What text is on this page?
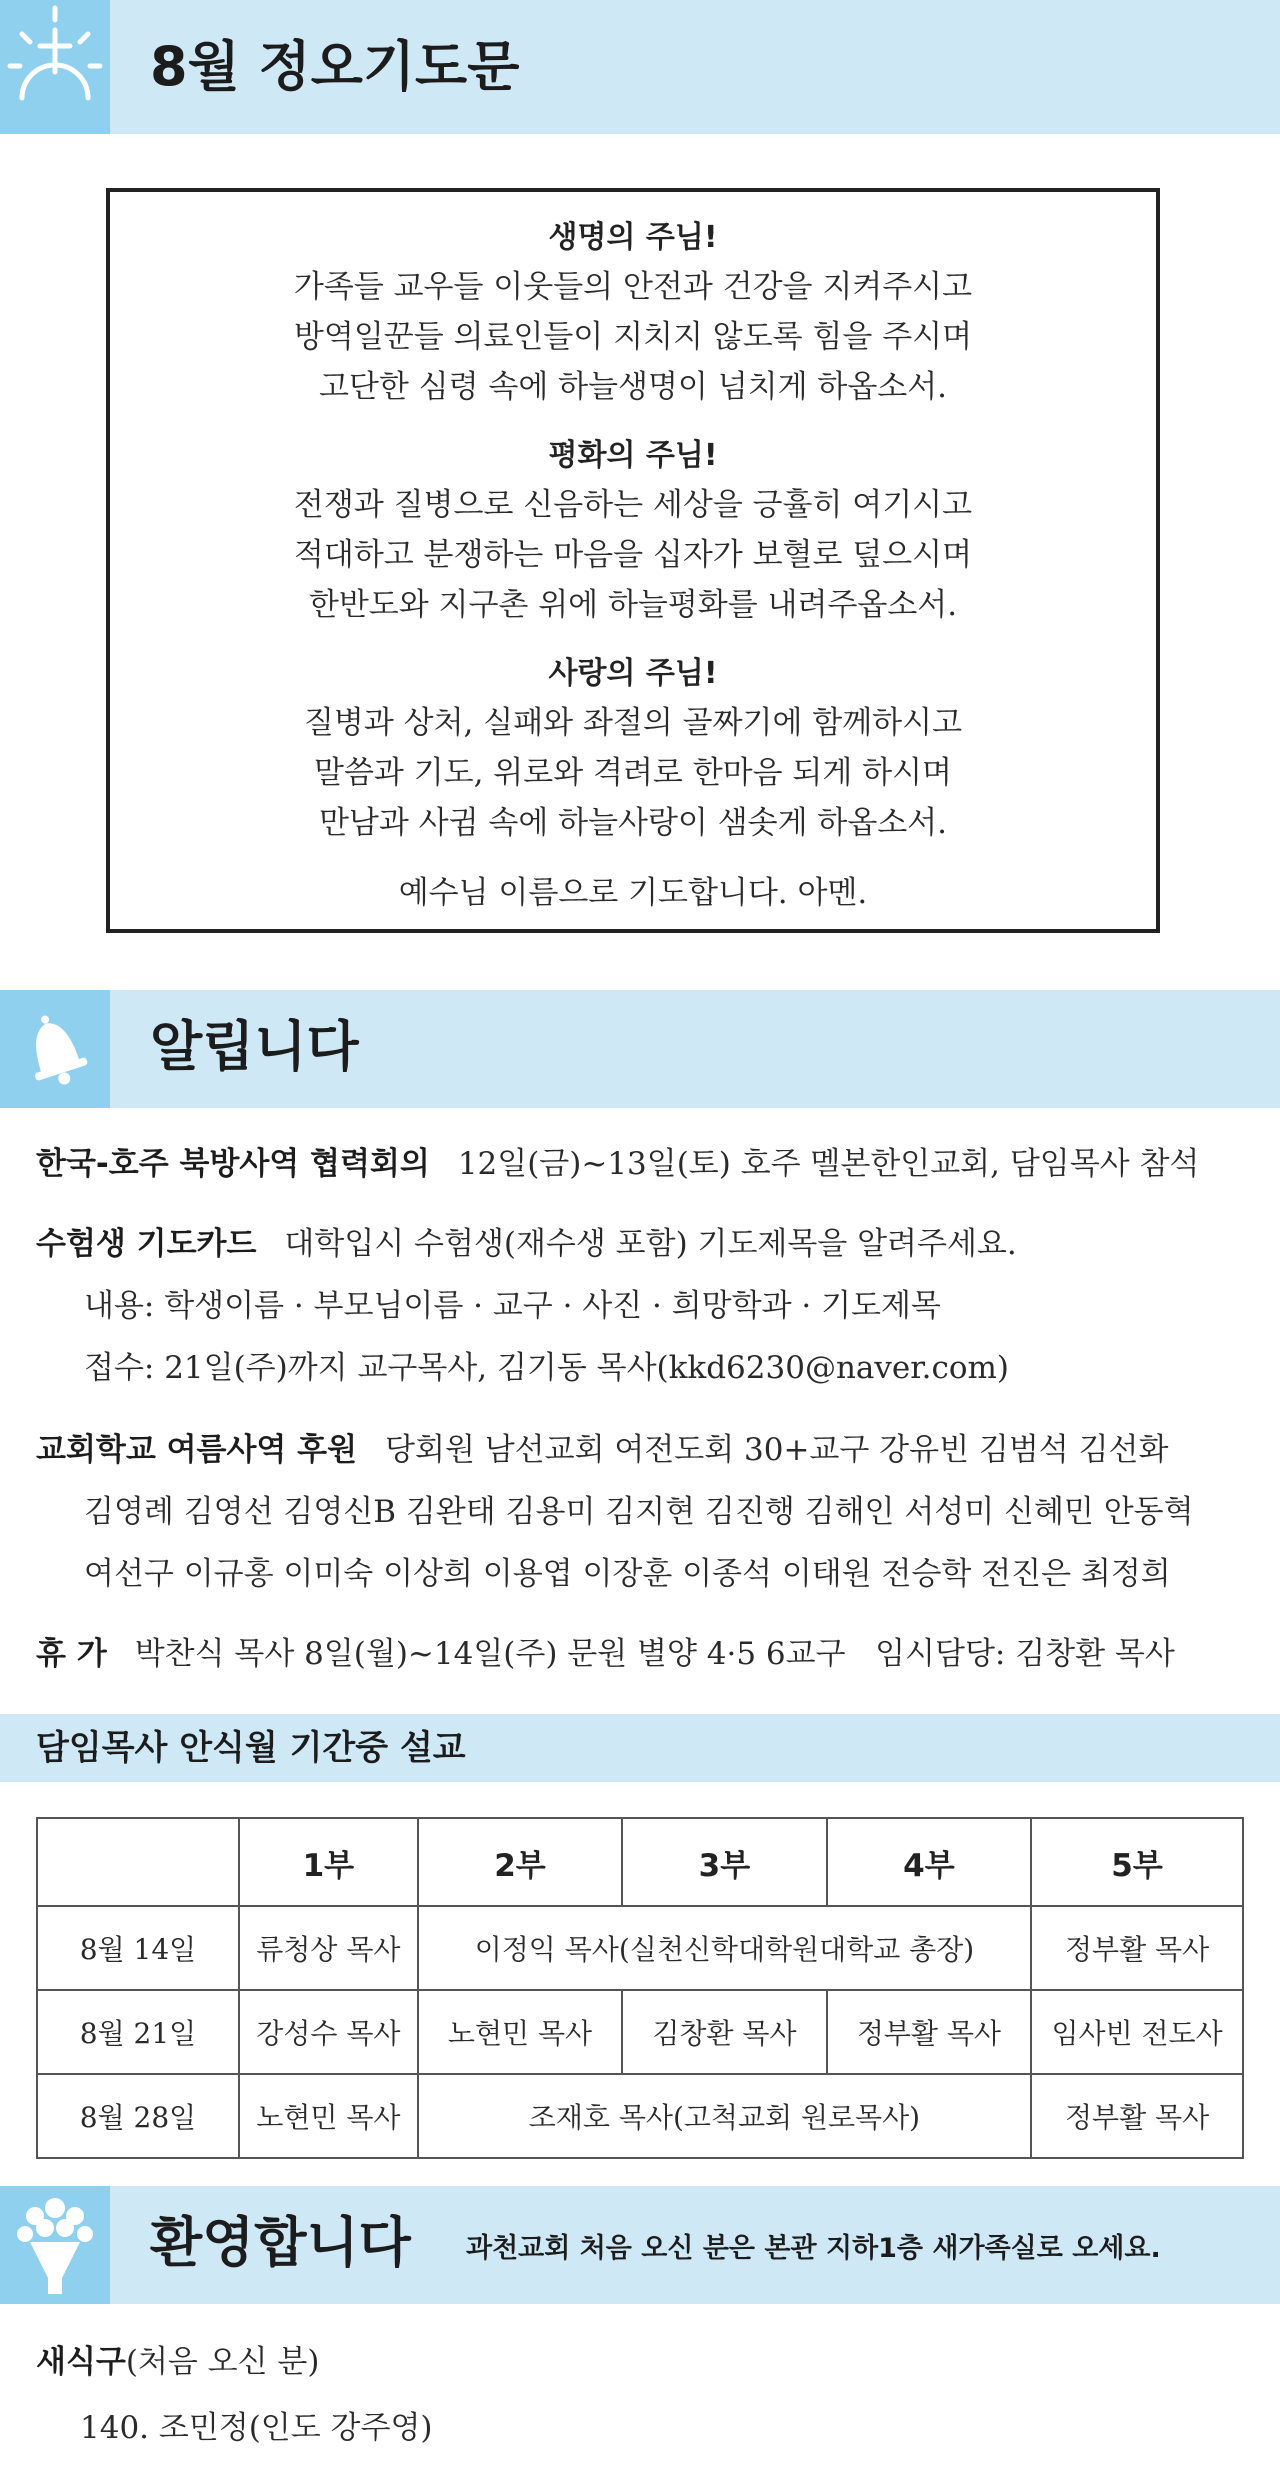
8월 정오기도문
생명의 주님!
가족들 교우들 이웃들의 안전과 건강을 지켜주시고
방역일꾼들 의료인들이 지치지 않도록 힘을 주시며
고단한 심령 속에 하늘생명이 넘치게 하옵소서.
평화의 주님!
전쟁과 질병으로 신음하는 세상을 긍휼히 여기시고
적대하고 분쟁하는 마음을 십자가 보혈로 덮으시며
한반도와 지구촌 위에 하늘평화를 내려주옵소서.
사랑의 주님!
질병과 상처, 실패와 좌절의 골짜기에 함께하시고
말씀과 기도, 위로와 격려로 한마음 되게 하시며
만남과 사귐 속에 하늘사랑이 샘솟게 하옵소서.
예수님 이름으로 기도합니다. 아멘.
알립니다
한국-호주 북방사역 협력회의 12일(금)~13일(토) 호주 멜본한인교회, 담임목사 참석
수험생 기도카드 대학입시 수험생(재수생 포함) 기도제목을 알려주세요.
내용: 학생이름 · 부모님이름 · 교구 · 사진 · 희망학과 · 기도제목
접수: 21일(주)까지 교구목사, 김기동 목사(kkd6230@naver.com)
교회학교 여름사역 후원 당회원 남선교회 여전도회 30+교구 강유빈 김범석 김선화
김영례 김영선 김영신B 김완태 김용미 김지현 김진행 김해인 서성미 신혜민 안동혁
여선구 이규홍 이미숙 이상희 이용엽 이장훈 이종석 이태원 전승학 전진은 최정희
휴 가 박찬식 목사 8일(월)~14일(주) 문원 별양 4·5 6교구   임시담당: 김창환 목사
담임목사 안식월 기간중 설교
	1부	2부	3부	4부	5부
8월 14일	류청상 목사	이정익 목사(실천신학대학원대학교 총장)			정부활 목사
8월 21일	강성수 목사	노현민 목사	김창환 목사	정부활 목사	임사빈 전도사
8월 28일	노현민 목사	조재호 목사(고척교회 원로목사)			정부활 목사
환영합니다 과천교회 처음 오신 분은 본관 지하1층 새가족실로 오세요.
새식구(처음 오신 분)
140. 조민정(인도 강주영)
